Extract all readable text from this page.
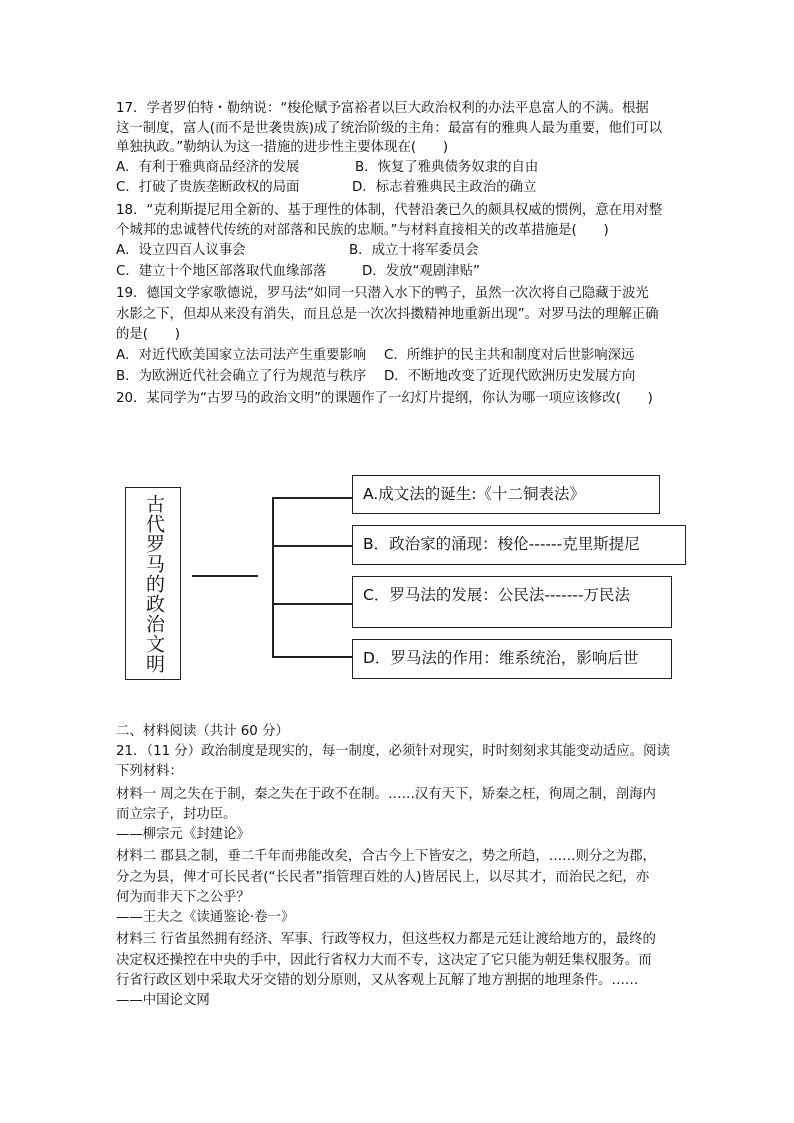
17．学者罗伯特・勒纳说：“梭伦赋予富裕者以巨大政治权利的办法平息富人的不满。根据
这一制度，富人(而不是世袭贵族)成了统治阶级的主角：最富有的雅典人最为重要，他们可以
单独执政。”勒纳认为这一措施的进步性主要体现在(　　)
A．有利于雅典商品经济的发展	B．恢复了雅典债务奴隶的自由
C．打破了贵族垄断政权的局面	D．标志着雅典民主政治的确立
18．“克利斯提尼用全新的、基于理性的体制，代替沿袭已久的颇具权威的惯例，意在用对整
个城邦的忠诚替代传统的对部落和民族的忠顺。”与材料直接相关的改革措施是(　　)
A．设立四百人议事会	B．成立十将军委员会
C．建立十个地区部落取代血缘部落	D．发放“观剧津贴”
19．德国文学家歌德说，罗马法“如同一只潜入水下的鸭子，虽然一次次将自己隐藏于波光
水影之下，但却从来没有消失，而且总是一次次抖擞精神地重新出现”。对罗马法的理解正确
的是(　　)
A．对近代欧美国家立法司法产生重要影响 C．所维护的民主共和制度对后世影响深远
B．为欧洲近代社会确立了行为规范与秩序 D．不断地改变了近现代欧洲历史发展方向
20．某同学为“古罗马的政治文明”的课题作了一幻灯片提纲，你认为哪一项应该修改(　　)
古代罗马的政治文明	A.成文法的诞生:《十二铜表法》
B．政治家的涌现：梭伦------克里斯提尼
C．罗马法的发展：公民法-------万民法
D．罗马法的作用：维系统治，影响后世
二、材料阅读（共计 60 分）
21．（11 分）政治制度是现实的，每一制度，必须针对现实，时时刻刻求其能变动适应。阅读
下列材料：
材料一 周之失在于制，秦之失在于政不在制。……汉有天下，矫秦之枉，徇周之制，剖海内
而立宗子，封功臣。
——柳宗元《封建论》
材料二 郡县之制，垂二千年而弗能改矣，合古今上下皆安之，势之所趋，……则分之为郡，
分之为县，俾才可长民者(“长民者”指管理百姓的人)皆居民上，以尽其才，而治民之纪，亦
何为而非天下之公乎？
——王夫之《读通鉴论·卷一》
材料三 行省虽然拥有经济、军事、行政等权力，但这些权力都是元廷让渡给地方的，最终的
决定权还操控在中央的手中，因此行省权力大而不专，这决定了它只能为朝廷集权服务。而
行省行政区划中采取犬牙交错的划分原则，又从客观上瓦解了地方割据的地理条件。……
——中国论文网
